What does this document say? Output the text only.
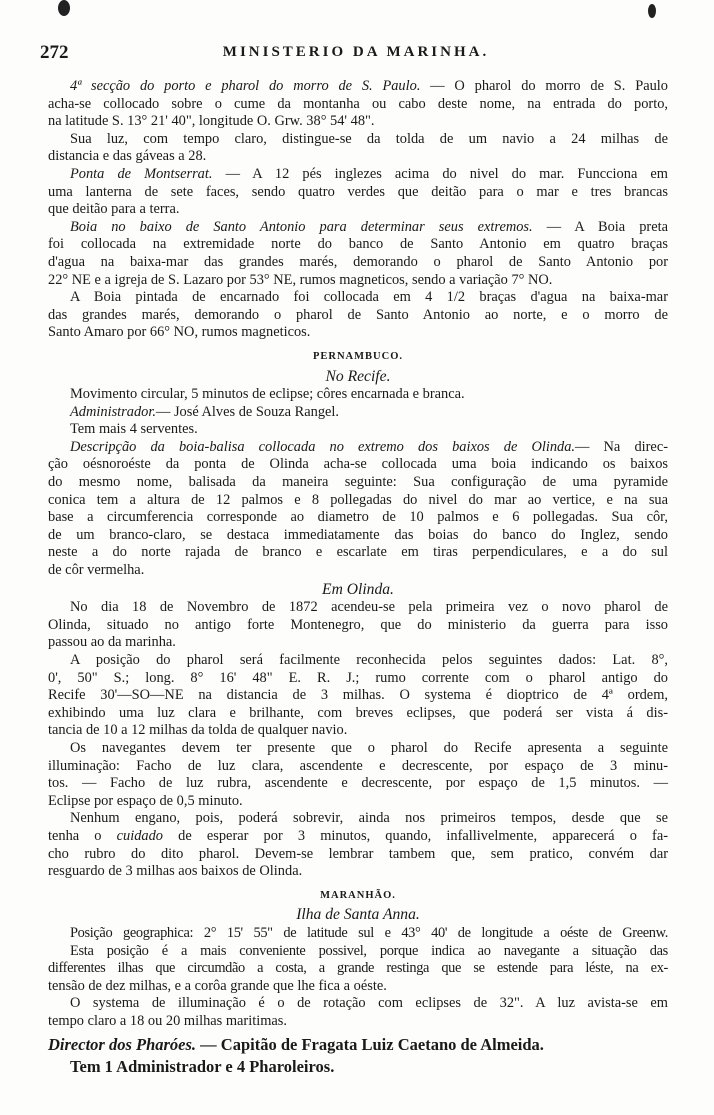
272	MINISTERIO DA MARINHA.
4ª secção do porto e pharol do morro de S. Paulo. — O pharol do morro de S. Paulo
acha-se collocado sobre o cume da montanha ou cabo deste nome, na entrada do porto,
na latitude S. 13° 21' 40", longitude O. Grw. 38° 54' 48".
Sua luz, com tempo claro, distingue-se da tolda de um navio a 24 milhas de
distancia e das gáveas a 28.
Ponta de Montserrat. — A 12 pés inglezes acima do nivel do mar. Funcciona em
uma lanterna de sete faces, sendo quatro verdes que deitão para o mar e tres brancas
que deitão para a terra.
Boia no baixo de Santo Antonio para determinar seus extremos. — A Boia preta
foi collocada na extremidade norte do banco de Santo Antonio em quatro braças
d'agua na baixa-mar das grandes marés, demorando o pharol de Santo Antonio por
22° NE e a igreja de S. Lazaro por 53° NE, rumos magneticos, sendo a variação 7° NO.
A Boia pintada de encarnado foi collocada em 4 1/2 braças d'agua na baixa-mar
das grandes marés, demorando o pharol de Santo Antonio ao norte, e o morro de
Santo Amaro por 66° NO, rumos magneticos.
PERNAMBUCO.
No Recife.
Movimento circular, 5 minutos de eclipse; côres encarnada e branca.
Administrador.— José Alves de Souza Rangel.
Tem mais 4 serventes.
Descripção da boia-balisa collocada no extremo dos baixos de Olinda.— Na direc-
ção oésnoroéste da ponta de Olinda acha-se collocada uma boia indicando os baixos
do mesmo nome, balisada da maneira seguinte: Sua configuração de uma pyramide
conica tem a altura de 12 palmos e 8 pollegadas do nivel do mar ao vertice, e na sua
base a circumferencia corresponde ao diametro de 10 palmos e 6 pollegadas. Sua côr,
de um branco-claro, se destaca immediatamente das boias do banco do Inglez, sendo
neste a do norte rajada de branco e escarlate em tiras perpendiculares, e a do sul
de côr vermelha.
Em Olinda.
No dia 18 de Novembro de 1872 acendeu-se pela primeira vez o novo pharol de
Olinda, situado no antigo forte Montenegro, que do ministerio da guerra para isso
passou ao da marinha.
A posição do pharol será facilmente reconhecida pelos seguintes dados: Lat. 8°,
0', 50" S.; long. 8° 16' 48" E. R. J.; rumo corrente com o pharol antigo do
Recife 30'—SO—NE na distancia de 3 milhas. O systema é dioptrico de 4ª ordem,
exhibindo uma luz clara e brilhante, com breves eclipses, que poderá ser vista á dis-
tancia de 10 a 12 milhas da tolda de qualquer navio.
Os navegantes devem ter presente que o pharol do Recife apresenta a seguinte
illuminação: Facho de luz clara, ascendente e decrescente, por espaço de 3 minu-
tos. — Facho de luz rubra, ascendente e decrescente, por espaço de 1,5 minutos. —
Eclipse por espaço de 0,5 minuto.
Nenhum engano, pois, poderá sobrevir, ainda nos primeiros tempos, desde que se
tenha o cuidado de esperar por 3 minutos, quando, infallivelmente, apparecerá o fa-
cho rubro do dito pharol. Devem-se lembrar tambem que, sem pratico, convém dar
resguardo de 3 milhas aos baixos de Olinda.
MARANHÃO.
Ilha de Santa Anna.
Posição geographica: 2° 15' 55" de latitude sul e 43° 40' de longitude a oéste de Greenw.
Esta posição é a mais conveniente possivel, porque indica ao navegante a situação das
differentes ilhas que circumdão a costa, a grande restinga que se estende para léste, na ex-
tensão de dez milhas, e a corôa grande que lhe fica a oéste.
O systema de illuminação é o de rotação com eclipses de 32". A luz avista-se em
tempo claro a 18 ou 20 milhas maritimas.
Director dos Pharóes. — Capitão de Fragata Luiz Caetano de Almeida.
Tem 1 Administrador e 4 Pharoleiros.
